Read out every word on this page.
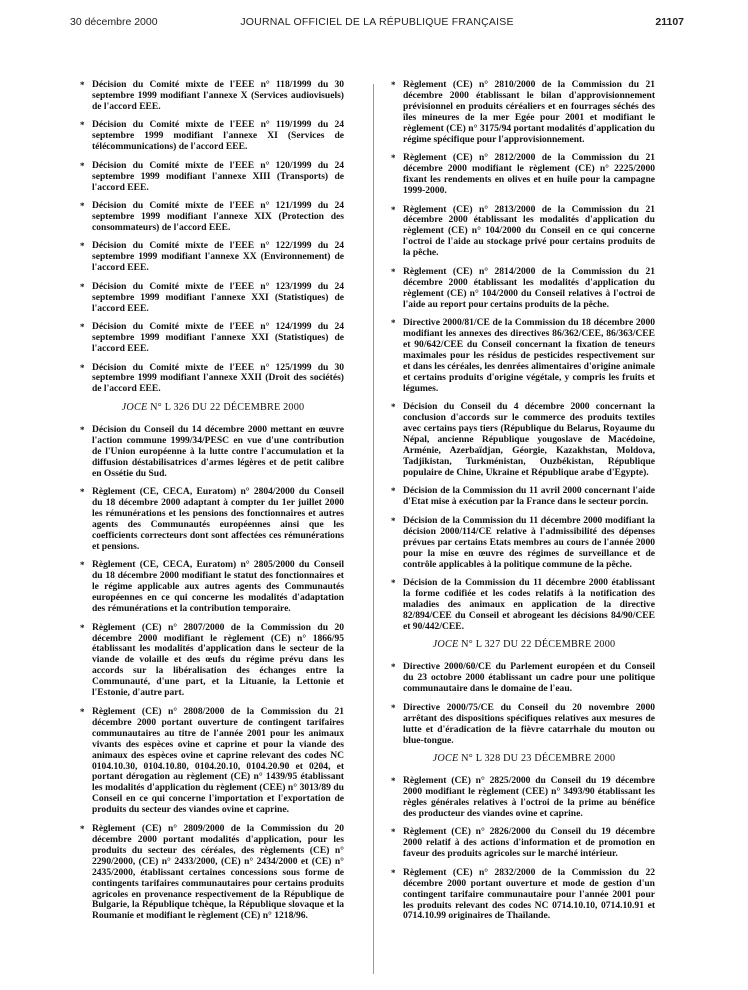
30 décembre 2000	JOURNAL OFFICIEL DE LA RÉPUBLIQUE FRANÇAISE	21107
* Décision du Comité mixte de l'EEE n° 118/1999 du 30 septembre 1999 modifiant l'annexe X (Services audiovisuels) de l'accord EEE.
* Décision du Comité mixte de l'EEE n° 119/1999 du 24 septembre 1999 modifiant l'annexe XI (Services de télécommunications) de l'accord EEE.
* Décision du Comité mixte de l'EEE n° 120/1999 du 24 septembre 1999 modifiant l'annexe XIII (Transports) de l'accord EEE.
* Décision du Comité mixte de l'EEE n° 121/1999 du 24 septembre 1999 modifiant l'annexe XIX (Protection des consommateurs) de l'accord EEE.
* Décision du Comité mixte de l'EEE n° 122/1999 du 24 septembre 1999 modifiant l'annexe XX (Environnement) de l'accord EEE.
* Décision du Comité mixte de l'EEE n° 123/1999 du 24 septembre 1999 modifiant l'annexe XXI (Statistiques) de l'accord EEE.
* Décision du Comité mixte de l'EEE n° 124/1999 du 24 septembre 1999 modifiant l'annexe XXI (Statistiques) de l'accord EEE.
* Décision du Comité mixte de l'EEE n° 125/1999 du 30 septembre 1999 modifiant l'annexe XXII (Droit des sociétés) de l'accord EEE.
JOCE N° L 326 DU 22 DÉCEMBRE 2000
* Décision du Conseil du 14 décembre 2000 mettant en œuvre l'action commune 1999/34/PESC en vue d'une contribution de l'Union européenne à la lutte contre l'accumulation et la diffusion déstabilisatrices d'armes légères et de petit calibre en Ossétie du Sud.
* Règlement (CE, CECA, Euratom) n° 2804/2000 du Conseil du 18 décembre 2000 adaptant à compter du 1er juillet 2000 les rémunérations et les pensions des fonctionnaires et autres agents des Communautés européennes ainsi que les coefficients correcteurs dont sont affectées ces rémunérations et pensions.
* Règlement (CE, CECA, Euratom) n° 2805/2000 du Conseil du 18 décembre 2000 modifiant le statut des fonctionnaires et le régime applicable aux autres agents des Communautés européennes en ce qui concerne les modalités d'adaptation des rémunérations et la contribution temporaire.
* Règlement (CE) n° 2807/2000 de la Commission du 20 décembre 2000 modifiant le règlement (CE) n° 1866/95 établissant les modalités d'application dans le secteur de la viande de volaille et des œufs du régime prévu dans les accords sur la libéralisation des échanges entre la Communauté, d'une part, et la Lituanie, la Lettonie et l'Estonie, d'autre part.
* Règlement (CE) n° 2808/2000 de la Commission du 21 décembre 2000 portant ouverture de contingent tarifaires communautaires au titre de l'année 2001 pour les animaux vivants des espèces ovine et caprine et pour la viande des animaux des espèces ovine et caprine relevant des codes NC 0104.10.30, 0104.10.80, 0104.20.10, 0104.20.90 et 0204, et portant dérogation au règlement (CE) n° 1439/95 établissant les modalités d'application du règlement (CEE) n° 3013/89 du Conseil en ce qui concerne l'importation et l'exportation de produits du secteur des viandes ovine et caprine.
* Règlement (CE) n° 2809/2000 de la Commission du 20 décembre 2000 portant modalités d'application, pour les produits du secteur des céréales, des règlements (CE) n° 2290/2000, (CE) n° 2433/2000, (CE) n° 2434/2000 et (CE) n° 2435/2000, établissant certaines concessions sous forme de contingents tarifaires communautaires pour certains produits agricoles en provenance respectivement de la République de Bulgarie, la République tchèque, la République slovaque et la Roumanie et modifiant le règlement (CE) n° 1218/96.
* Règlement (CE) n° 2810/2000 de la Commission du 21 décembre 2000 établissant le bilan d'approvisionnement prévisionnel en produits céréaliers et en fourrages séchés des îles mineures de la mer Egée pour 2001 et modifiant le règlement (CE) n° 3175/94 portant modalités d'application du régime spécifique pour l'approvisionnement.
* Règlement (CE) n° 2812/2000 de la Commission du 21 décembre 2000 modifiant le règlement (CE) n° 2225/2000 fixant les rendements en olives et en huile pour la campagne 1999-2000.
* Règlement (CE) n° 2813/2000 de la Commission du 21 décembre 2000 établissant les modalités d'application du règlement (CE) n° 104/2000 du Conseil en ce qui concerne l'octroi de l'aide au stockage privé pour certains produits de la pêche.
* Règlement (CE) n° 2814/2000 de la Commission du 21 décembre 2000 établissant les modalités d'application du règlement (CE) n° 104/2000 du Conseil relatives à l'octroi de l'aide au report pour certains produits de la pêche.
* Directive 2000/81/CE de la Commission du 18 décembre 2000 modifiant les annexes des directives 86/362/CEE, 86/363/CEE et 90/642/CEE du Conseil concernant la fixation de teneurs maximales pour les résidus de pesticides respectivement sur et dans les céréales, les denrées alimentaires d'origine animale et certains produits d'origine végétale, y compris les fruits et légumes.
* Décision du Conseil du 4 décembre 2000 concernant la conclusion d'accords sur le commerce des produits textiles avec certains pays tiers (République du Belarus, Royaume du Népal, ancienne République yougoslave de Macédoine, Arménie, Azerbaïdjan, Géorgie, Kazakhstan, Moldova, Tadjikistan, Turkménistan, Ouzbékistan, République populaire de Chine, Ukraine et République arabe d'Egypte).
* Décision de la Commission du 11 avril 2000 concernant l'aide d'Etat mise à exécution par la France dans le secteur porcin.
* Décision de la Commission du 11 décembre 2000 modifiant la décision 2000/114/CE relative à l'admissibilité des dépenses prévues par certains Etats membres au cours de l'année 2000 pour la mise en œuvre des régimes de surveillance et de contrôle applicables à la politique commune de la pêche.
* Décision de la Commission du 11 décembre 2000 établissant la forme codifiée et les codes relatifs à la notification des maladies des animaux en application de la directive 82/894/CEE du Conseil et abrogeant les décisions 84/90/CEE et 90/442/CEE.
JOCE N° L 327 DU 22 DÉCEMBRE 2000
* Directive 2000/60/CE du Parlement européen et du Conseil du 23 octobre 2000 établissant un cadre pour une politique communautaire dans le domaine de l'eau.
* Directive 2000/75/CE du Conseil du 20 novembre 2000 arrêtant des dispositions spécifiques relatives aux mesures de lutte et d'éradication de la fièvre catarrhale du mouton ou blue-tongue.
JOCE N° L 328 DU 23 DÉCEMBRE 2000
* Règlement (CE) n° 2825/2000 du Conseil du 19 décembre 2000 modifiant le règlement (CEE) n° 3493/90 établissant les règles générales relatives à l'octroi de la prime au bénéfice des producteur des viandes ovine et caprine.
* Règlement (CE) n° 2826/2000 du Conseil du 19 décembre 2000 relatif à des actions d'information et de promotion en faveur des produits agricoles sur le marché intérieur.
* Règlement (CE) n° 2832/2000 de la Commission du 22 décembre 2000 portant ouverture et mode de gestion d'un contingent tarifaire communautaire pour l'année 2001 pour les produits relevant des codes NC 0714.10.10, 0714.10.91 et 0714.10.99 originaires de Thaïlande.
